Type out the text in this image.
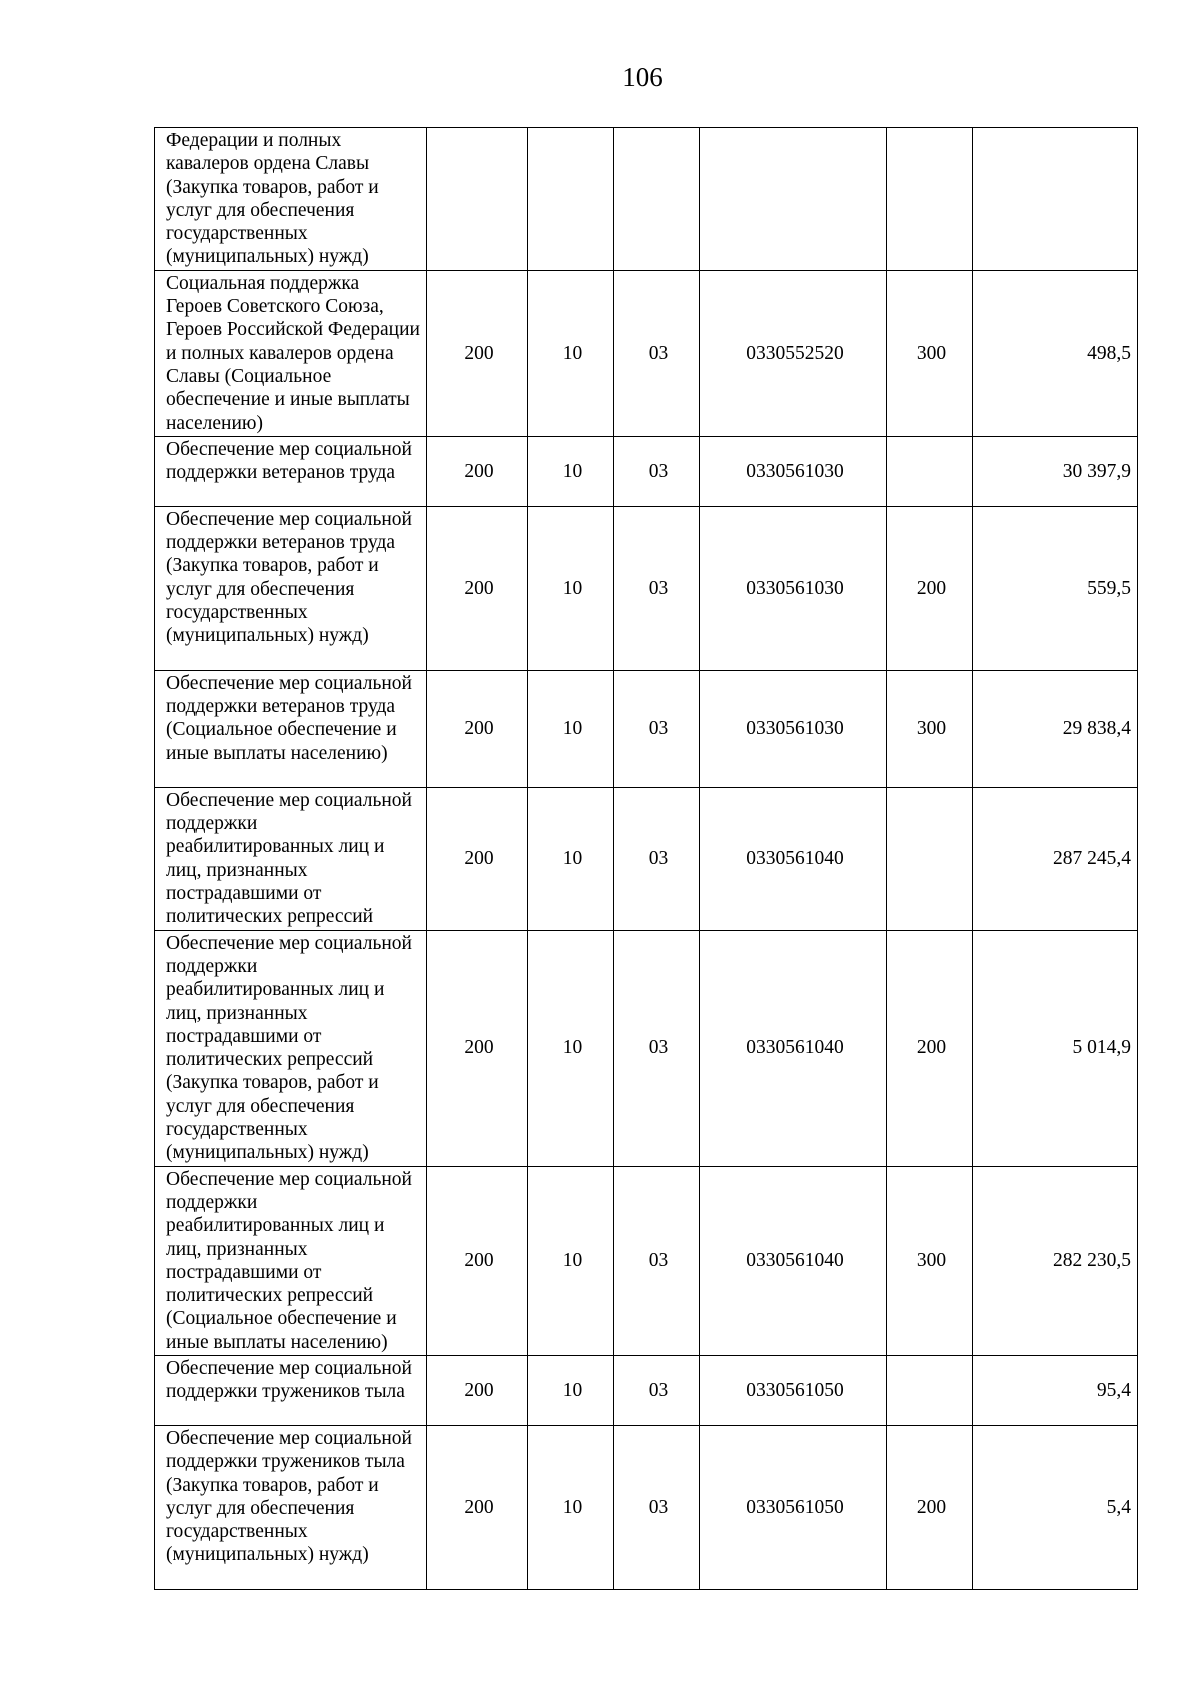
106
Федерации и полных кавалеров ордена Славы (Закупка товаров, работ и услуг для обеспечения государственных (муниципальных) нужд)						
Социальная поддержка Героев Советского Союза, Героев Российской Федерации и полных кавалеров ордена Славы (Социальное обеспечение и иные выплаты населению)	200	10	03	0330552520	300	498,5
Обеспечение мер социальной поддержки ветеранов труда	200	10	03	0330561030		30 397,9
Обеспечение мер социальной поддержки ветеранов труда (Закупка товаров, работ и услуг для обеспечения государственных (муниципальных) нужд)	200	10	03	0330561030	200	559,5
Обеспечение мер социальной поддержки ветеранов труда (Социальное обеспечение и иные выплаты населению)	200	10	03	0330561030	300	29 838,4
Обеспечение мер социальной поддержки реабилитированных лиц и лиц, признанных пострадавшими от политических репрессий	200	10	03	0330561040		287 245,4
Обеспечение мер социальной поддержки реабилитированных лиц и лиц, признанных пострадавшими от политических репрессий (Закупка товаров, работ и услуг для обеспечения государственных (муниципальных) нужд)	200	10	03	0330561040	200	5 014,9
Обеспечение мер социальной поддержки реабилитированных лиц и лиц, признанных пострадавшими от политических репрессий (Социальное обеспечение и иные выплаты населению)	200	10	03	0330561040	300	282 230,5
Обеспечение мер социальной поддержки тружеников тыла	200	10	03	0330561050		95,4
Обеспечение мер социальной поддержки тружеников тыла (Закупка товаров, работ и услуг для обеспечения государственных (муниципальных) нужд)	200	10	03	0330561050	200	5,4
